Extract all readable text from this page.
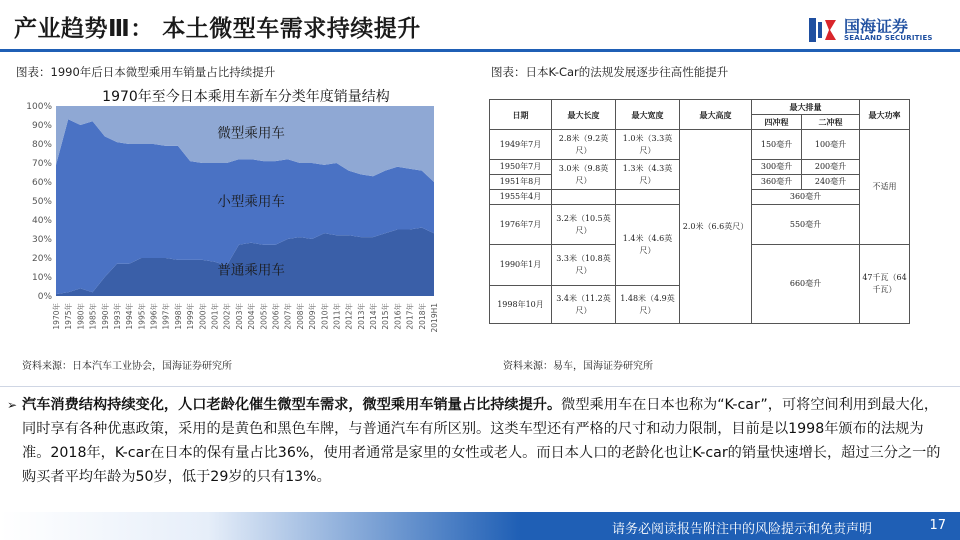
产业趋势Ⅲ： 本土微型车需求持续提升	国海证券
SEALAND SECURITIES
图表：1990年后日本微型乘用车销量占比持续提升	图表：日本K-Car的法规发展逐步往高性能提升
1970年至今日本乘用车新车分类年度销量结构
0%
10%
20%
30%
40%
50%
60%
70%
80%
90%
100%
1970年 1975年 1980年 1985年 1990年 1993年 1994年 1995年 1996年 1997年 1998年 1999年 2000年 2001年 2002年 2003年 2004年 2005年 2006年 2007年 2008年 2009年 2010年 2011年 2012年 2013年 2014年 2015年 2016年 2017年 2018年 2019H1
普通乘用车
小型乘用车
微型乘用车
日期	最大长度	最大宽度	最大高度	最大排量		最大功率
				四冲程	二冲程	
1949年7月	2.8米（9.2英尺）	1.0米（3.3英尺）	2.0米（6.6英尺）	150毫升	100毫升	不适用
1950年7月	3.0米（9.8英尺）	1.3米（4.3英尺）		300毫升	200毫升	
1951年8月				360毫升	240毫升	
1955年4月				360毫升		
1976年7月	3.2米（10.5英尺）	1.4米（4.6英尺）		550毫升		
1990年1月	3.3米（10.8英尺）			660毫升		47千瓦（64千瓦）
1998年10月	3.4米（11.2英尺）	1.48米（4.9英尺）				
资料来源：日本汽车工业协会，国海证券研究所	资料来源：易车，国海证券研究所
➢ 汽车消费结构持续变化，人口老龄化催生微型车需求，微型乘用车销量占比持续提升。微型乘用车在日本也称为“K-car”，可将空间利用到最大化，同时享有各种优惠政策，采用的是黄色和黑色车牌，与普通汽车有所区别。这类车型还有严格的尺寸和动力限制，目前是以1998年颁布的法规为准。2018年，K-car在日本的保有量占比36%，使用者通常是家里的女性或老人。而日本人口的老龄化也让K-car的销量快速增长，超过三分之一的购买者平均年龄为50岁，低于29岁的只有13%。
请务必阅读报告附注中的风险提示和免责声明	17
